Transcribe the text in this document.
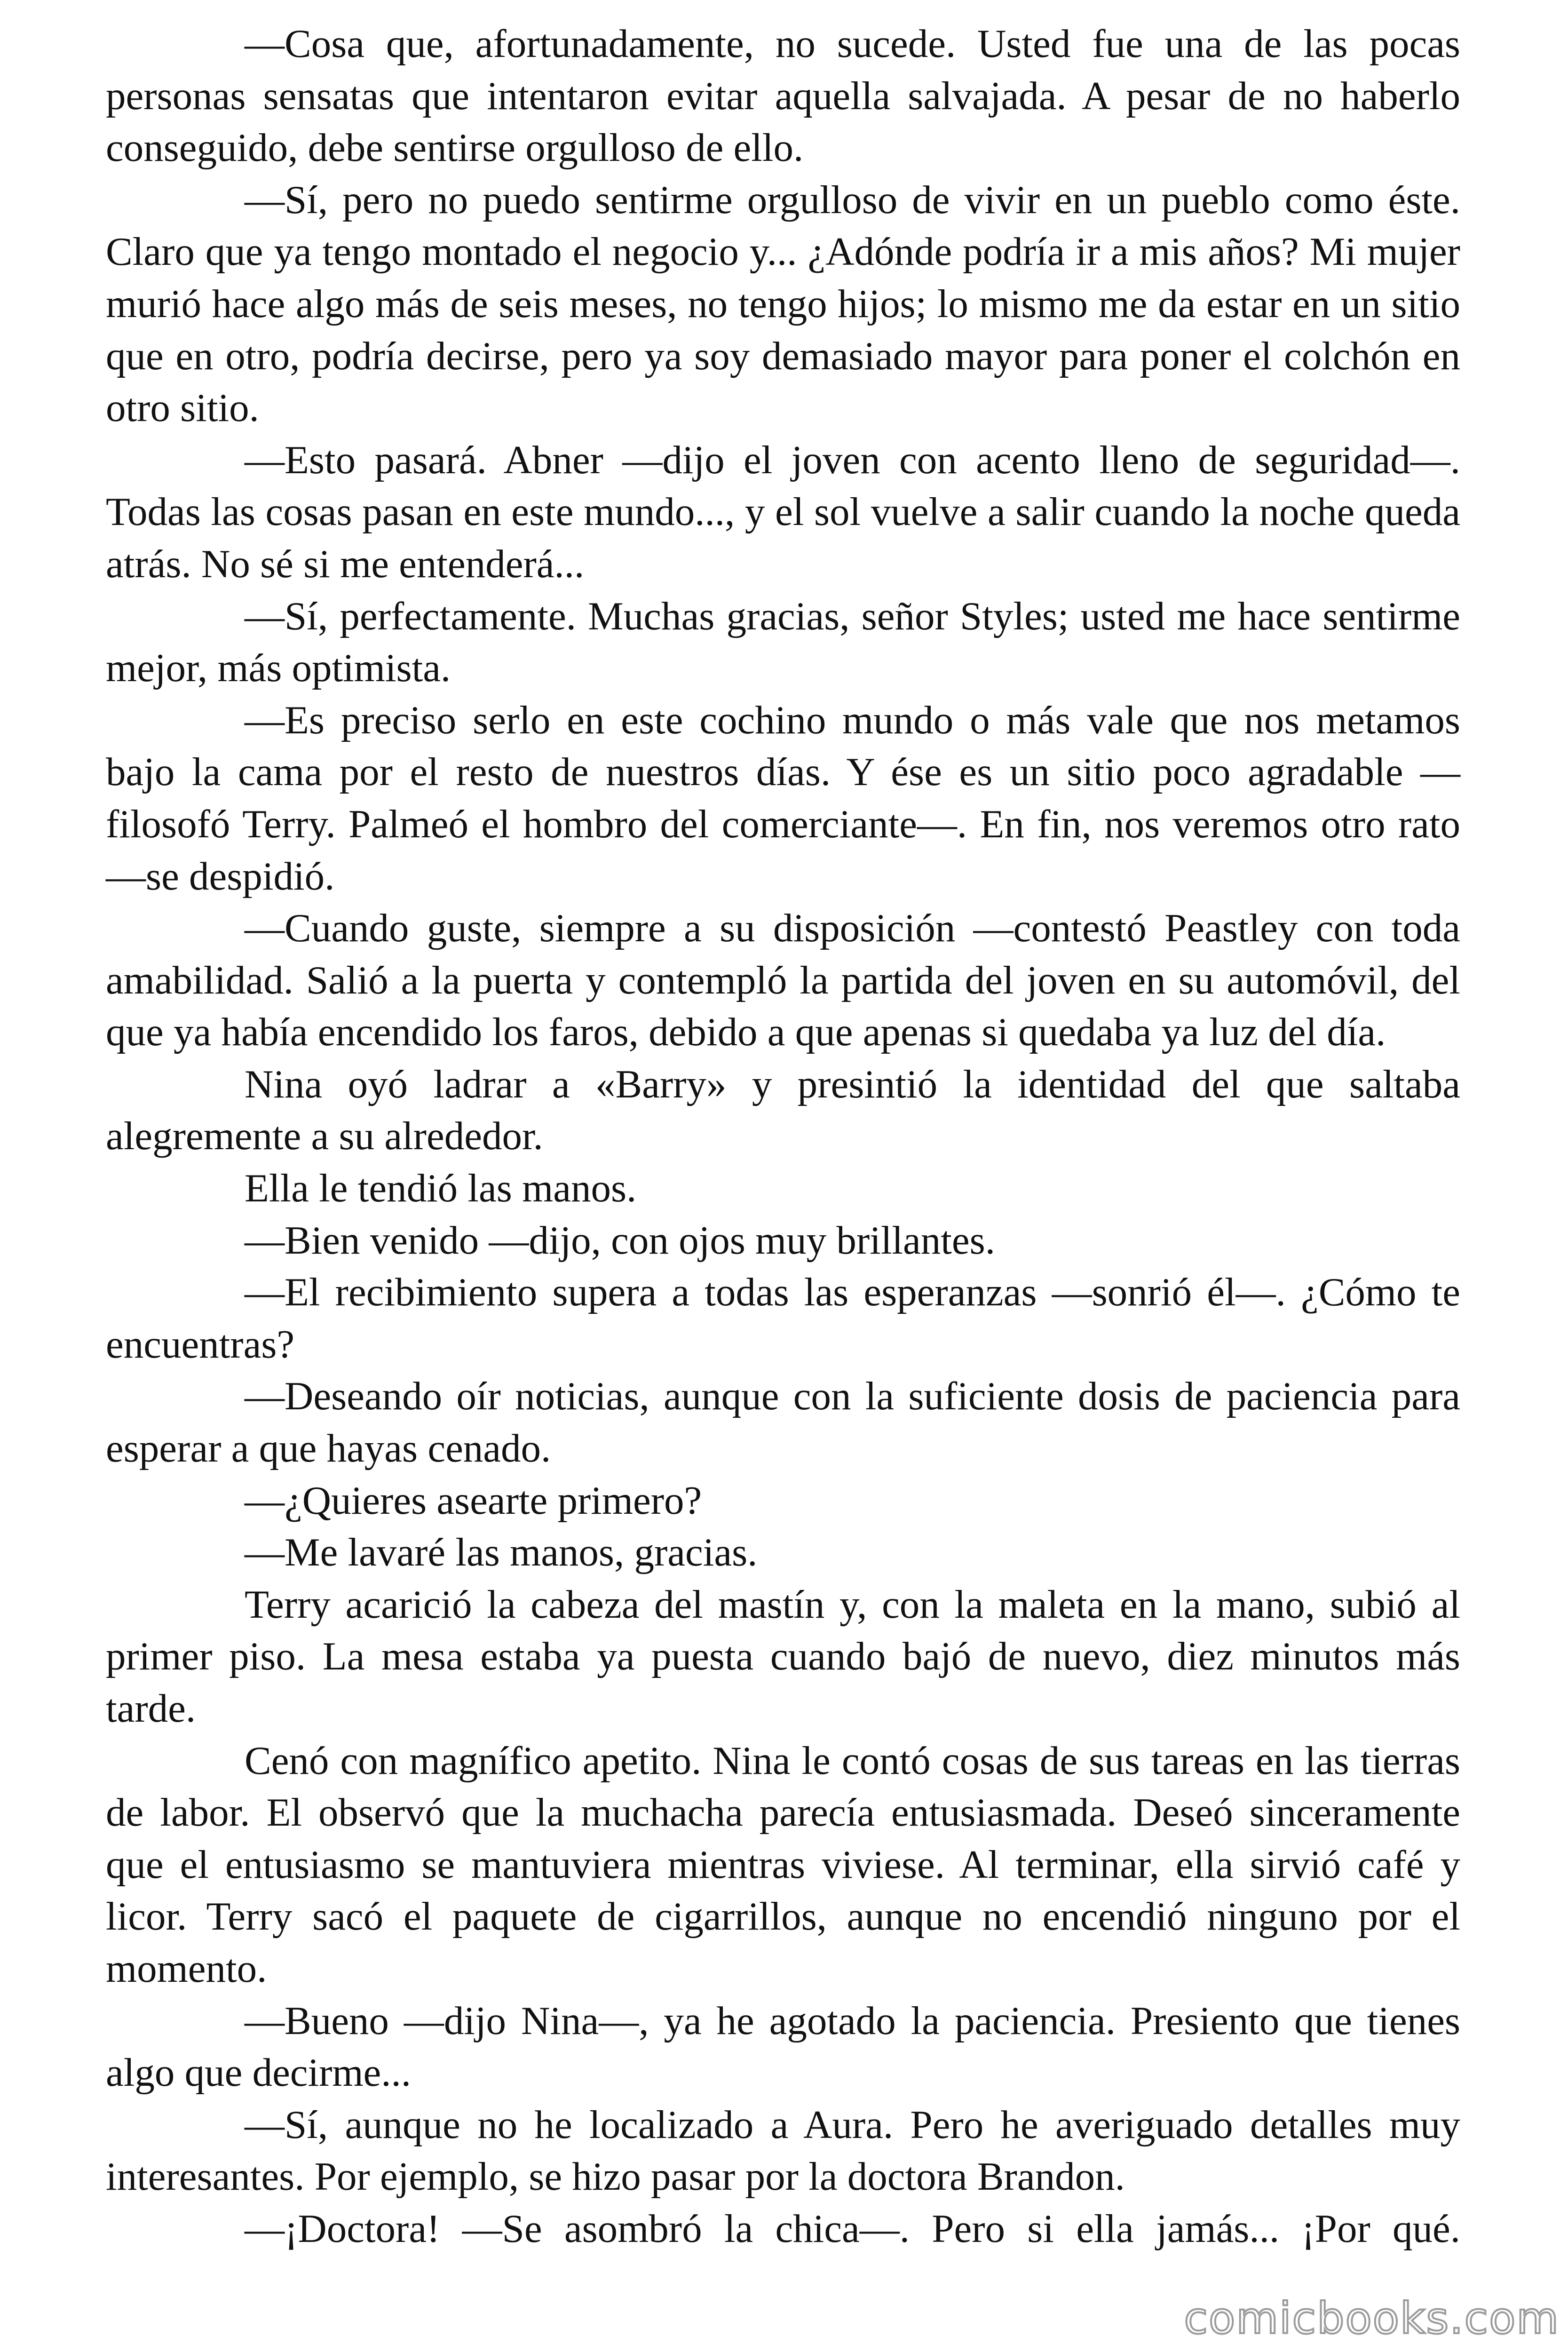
—Cosa que, afortunadamente, no sucede. Usted fue una de las pocas personas sensatas que intentaron evitar aquella salvajada. A pesar de no haberlo conseguido, debe sentirse orgulloso de ello.

—Sí, pero no puedo sentirme orgulloso de vivir en un pueblo como éste. Claro que ya tengo montado el negocio y... ¿Adónde podría ir a mis años? Mi mujer murió hace algo más de seis meses, no tengo hijos; lo mismo me da estar en un sitio que en otro, podría decirse, pero ya soy demasiado mayor para poner el colchón en otro sitio.

—Esto pasará. Abner —dijo el joven con acento lleno de seguridad—. Todas las cosas pasan en este mundo..., y el sol vuelve a salir cuando la noche queda atrás. No sé si me entenderá...

—Sí, perfectamente. Muchas gracias, señor Styles; usted me hace sentirme mejor, más optimista.

—Es preciso serlo en este cochino mundo o más vale que nos metamos bajo la cama por el resto de nuestros días. Y ése es un sitio poco agradable —filosofó Terry. Palmeó el hombro del comerciante—. En fin, nos veremos otro rato —se despidió.

—Cuando guste, siempre a su disposición —contestó Peastley con toda amabilidad. Salió a la puerta y contempló la partida del joven en su automóvil, del que ya había encendido los faros, debido a que apenas si quedaba ya luz del día.

Nina oyó ladrar a «Barry» y presintió la identidad del que saltaba alegremente a su alrededor.

Ella le tendió las manos.

—Bien venido —dijo, con ojos muy brillantes.

—El recibimiento supera a todas las esperanzas —sonrió él—. ¿Cómo te encuentras?

—Deseando oír noticias, aunque con la suficiente dosis de paciencia para esperar a que hayas cenado.

—¿Quieres asearte primero?

—Me lavaré las manos, gracias.

Terry acarició la cabeza del mastín y, con la maleta en la mano, subió al primer piso. La mesa estaba ya puesta cuando bajó de nuevo, diez minutos más tarde.

Cenó con magnífico apetito. Nina le contó cosas de sus tareas en las tierras de labor. El observó que la muchacha parecía entusiasmada. Deseó sinceramente que el entusiasmo se mantuviera mientras viviese. Al terminar, ella sirvió café y licor. Terry sacó el paquete de cigarrillos, aunque no encendió ninguno por el momento.

—Bueno —dijo Nina—, ya he agotado la paciencia. Presiento que tienes algo que decirme...

—Sí, aunque no he localizado a Aura. Pero he averiguado detalles muy interesantes. Por ejemplo, se hizo pasar por la doctora Brandon.

—¡Doctora! —Se asombró la chica—. Pero si ella jamás... ¡Por qué.

comicbooks.com
